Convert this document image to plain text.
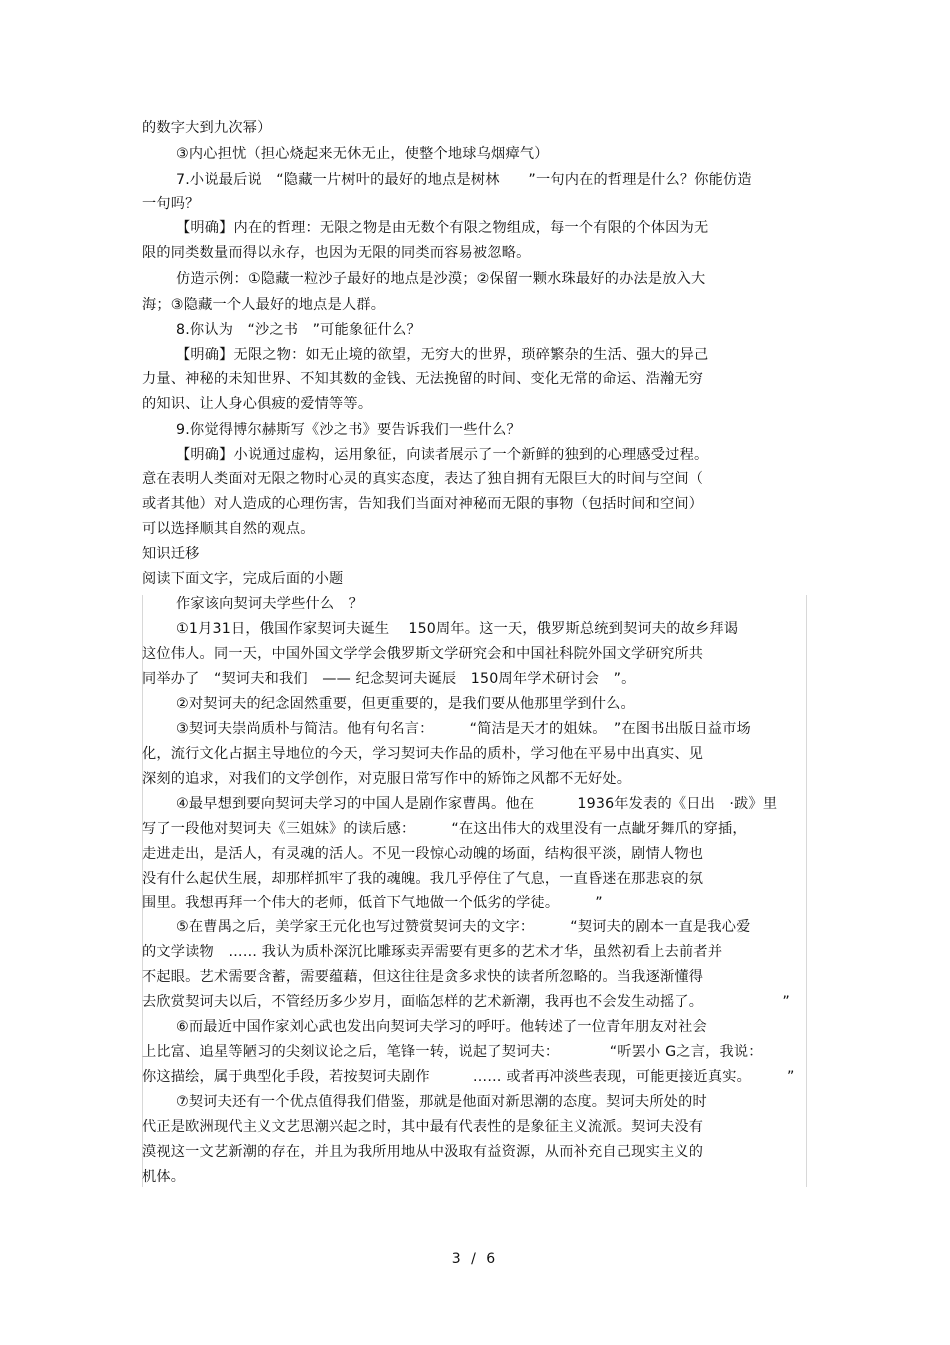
的数字大到九次幂）
③内心担忧（担心烧起来无休无止，使整个地球乌烟瘴气）
7.小说最后说　“隐藏一片树叶的最好的地点是树林　　”一句内在的哲理是什么？你能仿造
一句吗？
【明确】内在的哲理：无限之物是由无数个有限之物组成，每一个有限的个体因为无
限的同类数量而得以永存，也因为无限的同类而容易被忽略。
仿造示例：①隐藏一粒沙子最好的地点是沙漠；②保留一颗水珠最好的办法是放入大
海；③隐藏一个人最好的地点是人群。
8.你认为　“沙之书　”可能象征什么？
【明确】无限之物：如无止境的欲望，无穷大的世界，琐碎繁杂的生活、强大的异己
力量、神秘的未知世界、不知其数的金钱、无法挽留的时间、变化无常的命运、浩瀚无穷
的知识、让人身心俱疲的爱情等等。
9.你觉得博尔赫斯写《沙之书》要告诉我们一些什么？
【明确】小说通过虚构，运用象征，向读者展示了一个新鲜的独到的心理感受过程。
意在表明人类面对无限之物时心灵的真实态度，表达了独自拥有无限巨大的时间与空间（
或者其他）对人造成的心理伤害，告知我们当面对神秘而无限的事物（包括时间和空间）
可以选择顺其自然的观点。
知识迁移
阅读下面文字，完成后面的小题
作家该向契诃夫学些什么　？
①1月31日，俄国作家契诃夫诞生　 150周年。这一天，俄罗斯总统到契诃夫的故乡拜谒
这位伟人。同一天，中国外国文学学会俄罗斯文学研究会和中国社科院外国文学研究所共
同举办了　“契诃夫和我们　—— 纪念契诃夫诞辰　150周年学术研讨会　”。
②对契诃夫的纪念固然重要，但更重要的，是我们要从他那里学到什么。
③契诃夫崇尚质朴与简洁。他有句名言：　　　“简洁是天才的姐妹。　”在图书出版日益市场
化，流行文化占据主导地位的今天，学习契诃夫作品的质朴，学习他在平易中出真实、见
深刻的追求，对我们的文学创作，对克服日常写作中的矫饰之风都不无好处。
④最早想到要向契诃夫学习的中国人是剧作家曹禺。他在　　　1936年发表的《日出　·跋》里
写了一段他对契诃夫《三姐妹》的读后感：　　　“在这出伟大的戏里没有一点龇牙舞爪的穿插，
走进走出，是活人，有灵魂的活人。不见一段惊心动魄的场面，结构很平淡，剧情人物也
没有什么起伏生展，却那样抓牢了我的魂魄。我几乎停住了气息，一直昏迷在那悲哀的氛
围里。我想再拜一个伟大的老师，低首下气地做一个低劣的学徒。　　　”
⑤在曹禺之后，美学家王元化也写过赞赏契诃夫的文字：　　　“契诃夫的剧本一直是我心爱
的文学读物　…… 我认为质朴深沉比雕琢卖弄需要有更多的艺术才华，虽然初看上去前者并
不起眼。艺术需要含蓄，需要蕴藉，但这往往是贪多求快的读者所忽略的。当我逐渐懂得
去欣赏契诃夫以后，不管经历多少岁月，面临怎样的艺术新潮，我再也不会发生动摇了。　　　　　　”
⑥而最近中国作家刘心武也发出向契诃夫学习的呼吁。他转述了一位青年朋友对社会
上比富、追星等陋习的尖刻议论之后，笔锋一转，说起了契诃夫：　　　　“听罢小 G之言，我说：
你这描绘，属于典型化手段，若按契诃夫剧作　　　…… 或者再冲淡些表现，可能更接近真实。　　　”
⑦契诃夫还有一个优点值得我们借鉴，那就是他面对新思潮的态度。契诃夫所处的时
代正是欧洲现代主义文艺思潮兴起之时，其中最有代表性的是象征主义流派。契诃夫没有
漠视这一文艺新潮的存在，并且为我所用地从中汲取有益资源，从而补充自己现实主义的
机体。
3 / 6
